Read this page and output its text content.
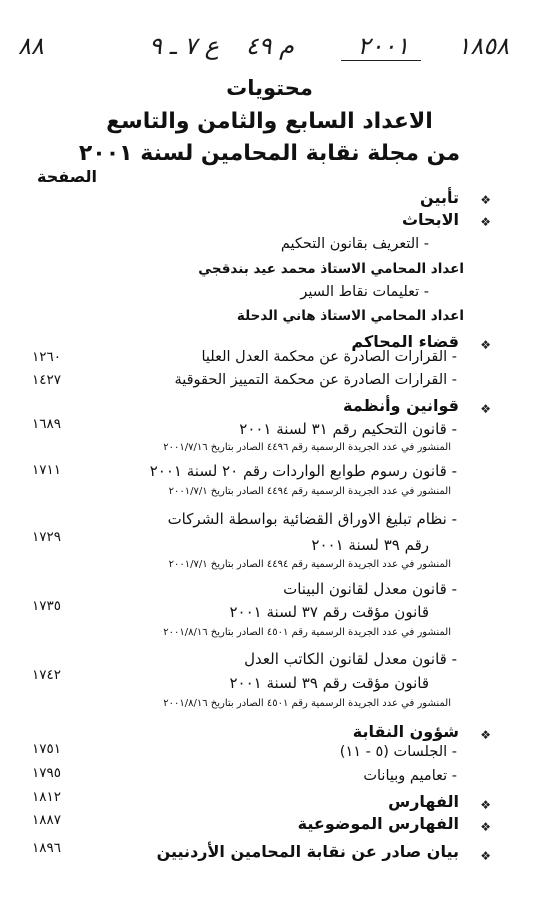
١٨٥٨
٢٠٠١
م ٤٩
ع ٧ ـ ٩
٨٨
محتويات
الاعداد السابع والثامن والتاسع
من مجلة نقابة المحامين لسنة ٢٠٠١
الصفحة
❖
تأبين
❖
الابحاث
- التعريف بقانون التحكيم
اعداد المحامي الاستاذ محمد عيد بندقجي
- تعليمات نقاط السير
اعداد المحامي الاستاذ هاني الدحلة
❖
قضاء المحاكم
- القرارات الصادرة عن محكمة العدل العليا
١٢٦٠
- القرارات الصادرة عن محكمة التمييز الحقوقية
١٤٢٧
❖
قوانين وأنظمة
- قانون التحكيم رقم ٣١ لسنة ٢٠٠١
١٦٨٩
المنشور في عدد الجريدة الرسمية رقم ٤٤٩٦ الصادر بتاريخ ٢٠٠١/٧/١٦
- قانون رسوم طوابع الواردات رقم ٢٠ لسنة ٢٠٠١
١٧١١
المنشور في عدد الجريدة الرسمية رقم ٤٤٩٤ الصادر بتاريخ ٢٠٠١/٧/١
- نظام تبليغ الاوراق القضائية بواسطة الشركات
رقم ٣٩ لسنة ٢٠٠١
١٧٢٩
المنشور في عدد الجريدة الرسمية رقم ٤٤٩٤ الصادر بتاريخ ٢٠٠١/٧/١
- قانون معدل لقانون البينات
قانون مؤقت رقم ٣٧ لسنة ٢٠٠١
١٧٣٥
المنشور في عدد الجريدة الرسمية رقم ٤٥٠١ الصادر بتاريخ ٢٠٠١/٨/١٦
- قانون معدل لقانون الكاتب العدل
قانون مؤقت رقم ٣٩ لسنة ٢٠٠١
١٧٤٢
المنشور في عدد الجريدة الرسمية رقم ٤٥٠١ الصادر بتاريخ ٢٠٠١/٨/١٦
❖
شؤون النقابة
- الجلسات (٥ - ١١)
١٧٥١
- تعاميم وبيانات
١٧٩٥
❖
الفهارس
١٨١٢
❖
الفهارس الموضوعية
١٨٨٧
❖
بيان صادر عن نقابة المحامين الأردنيين
١٨٩٦
